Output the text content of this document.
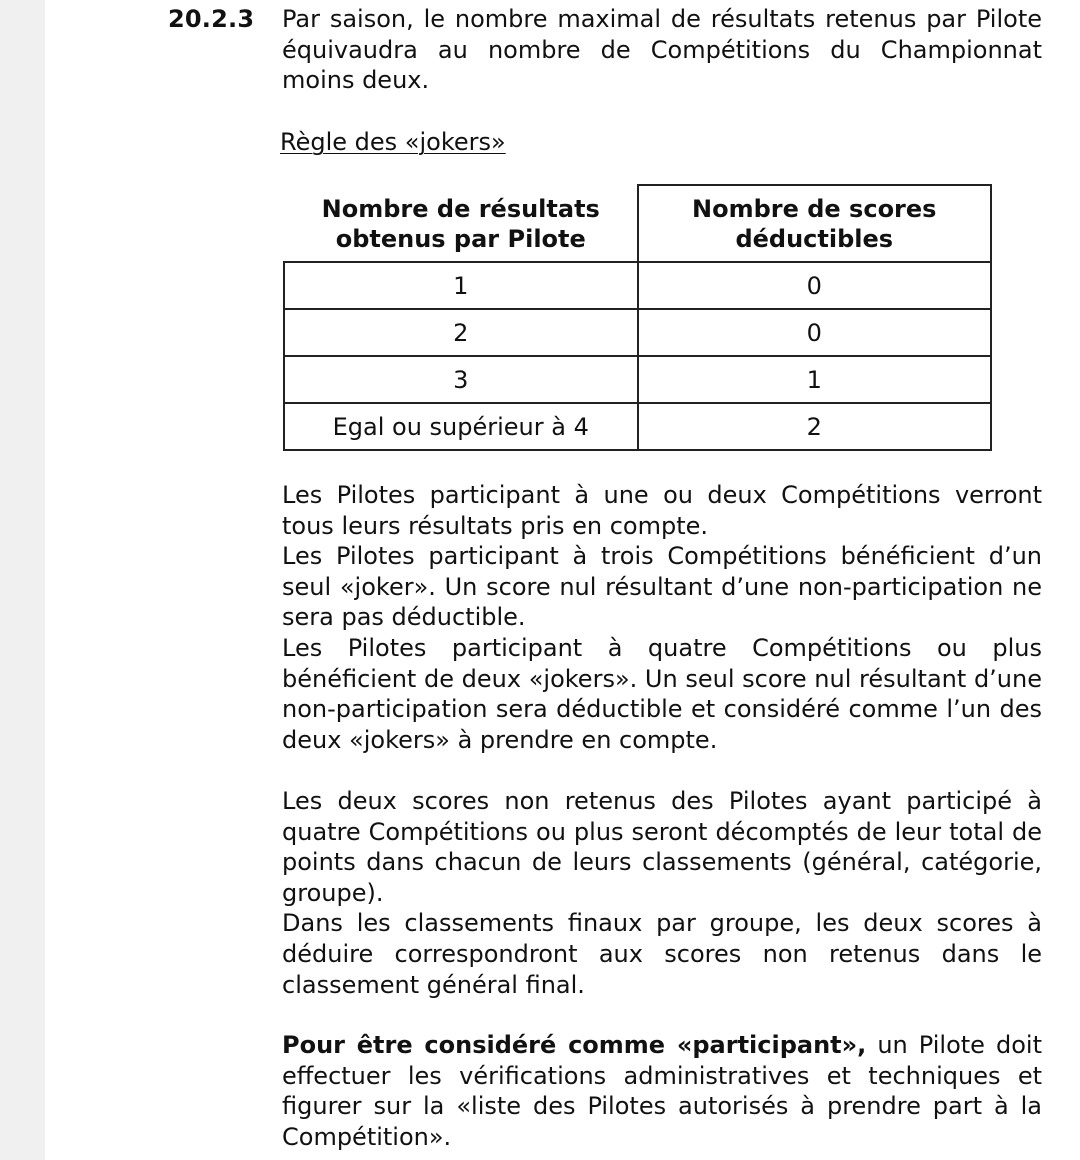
20.2.3 Par saison, le nombre maximal de résultats retenus par Pilote équivaudra au nombre de Compétitions du Championnat moins deux.

Règle des «jokers»
Nombre de résultats obtenus par Pilote	Nombre de scores déductibles
1	0
2	0
3	1
Egal ou supérieur à 4	2

Les Pilotes participant à une ou deux Compétitions verront tous leurs résultats pris en compte.

Les Pilotes participant à trois Compétitions bénéficient d’un seul «joker». Un score nul résultant d’une non-participation ne sera pas déductible.

Les Pilotes participant à quatre Compétitions ou plus bénéficient de deux «jokers». Un seul score nul résultant d’une non-participation sera déductible et considéré comme l’un des deux «jokers» à prendre en compte.

Les deux scores non retenus des Pilotes ayant participé à quatre Compétitions ou plus seront décomptés de leur total de points dans chacun de leurs classements (général, catégorie, groupe).

Dans les classements finaux par groupe, les deux scores à déduire correspondront aux scores non retenus dans le classement général final.

Pour être considéré comme «participant», un Pilote doit effectuer les vérifications administratives et techniques et figurer sur la «liste des Pilotes autorisés à prendre part à la Compétition».
